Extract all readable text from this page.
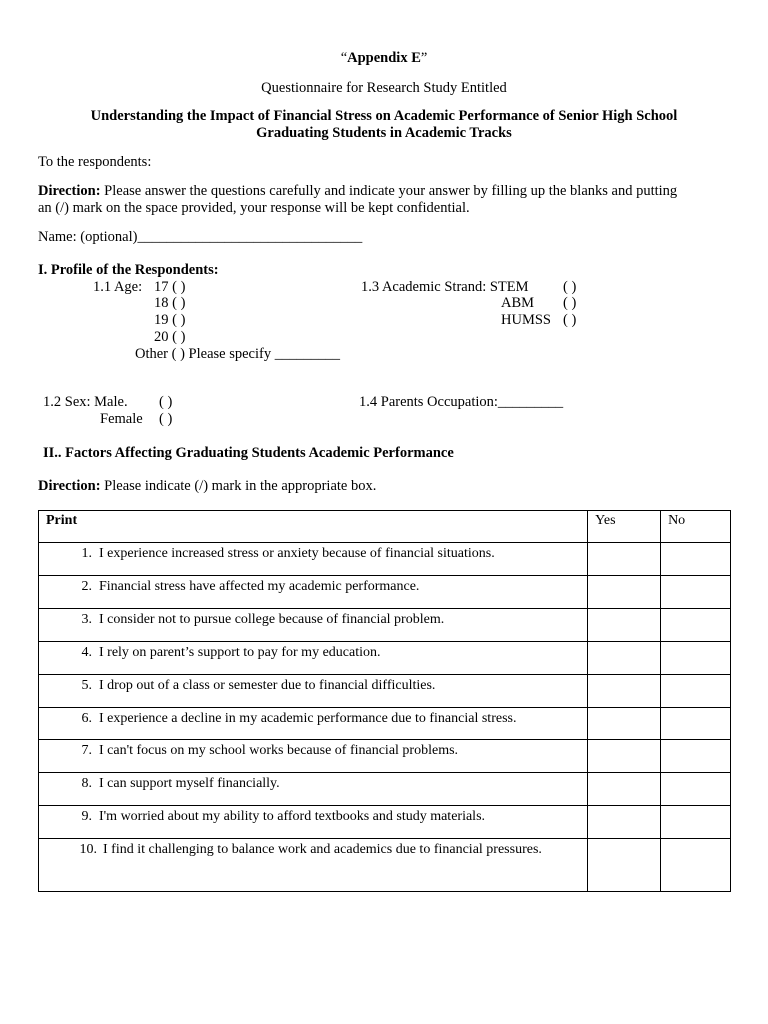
“Appendix E”
Questionnaire for Research Study Entitled
Understanding the Impact of Financial Stress on Academic Performance of Senior High School
Graduating Students in Academic Tracks
To the respondents:
Direction: Please answer the questions carefully and indicate your answer by filling up the blanks and putting
an (/) mark on the space provided, your response will be kept confidential.
Name: (optional)_______________________________
I. Profile of the Respondents:
1.1 Age: 17 ( )
18 ( )
19 ( )
20 ( )
Other ( ) Please specify _________
1.3 Academic Strand: STEM ( )
ABM ( )
HUMSS ( )
1.2 Sex: Male. ( )
Female ( )
1.4 Parents Occupation:_________
II.. Factors Affecting Graduating Students Academic Performance
Direction: Please indicate (/) mark in the appropriate box.
Print	Yes	No
1. I experience increased stress or anxiety because of financial situations.		
2. Financial stress have affected my academic performance.		
3. I consider not to pursue college because of financial problem.		
4. I rely on parent’s support to pay for my education.		
5. I drop out of a class or semester due to financial difficulties.		
6. I experience a decline in my academic performance due to financial stress.		
7. I can't focus on my school works because of financial problems.		
8. I can support myself financially.		
9. I'm worried about my ability to afford textbooks and study materials.		
10. I find it challenging to balance work and academics due to financial pressures.		
